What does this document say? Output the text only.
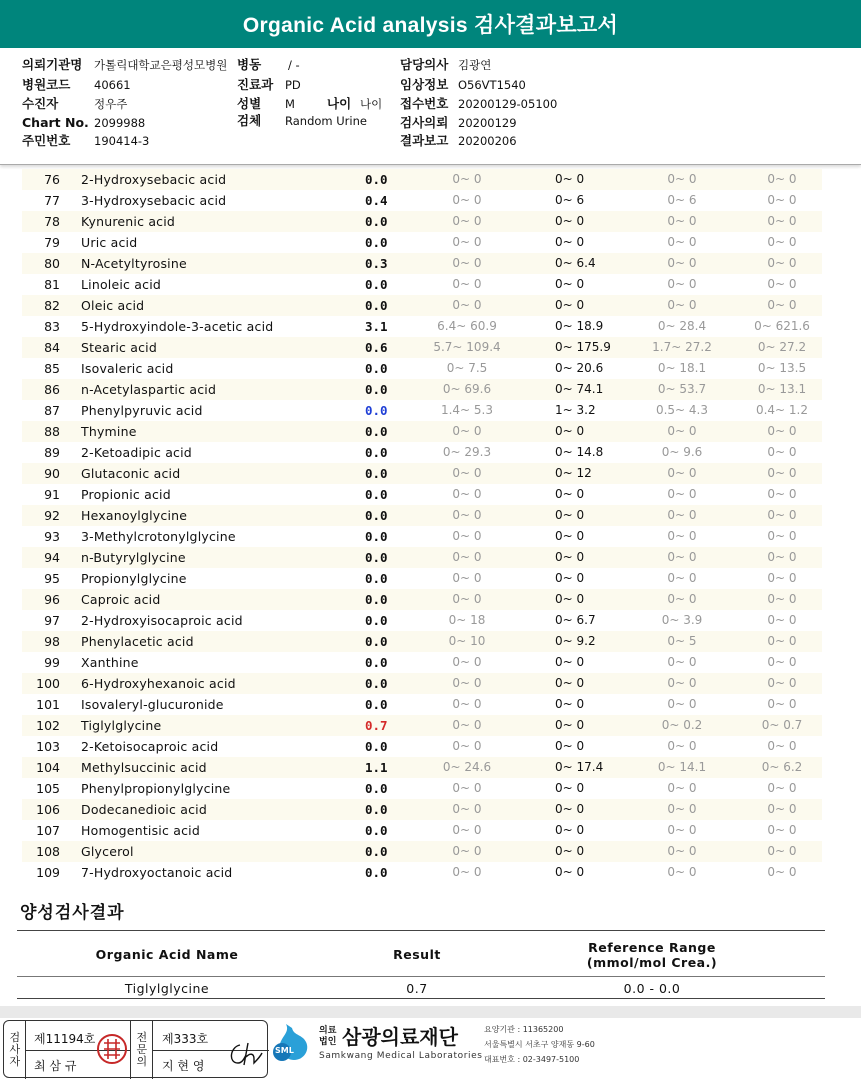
Organic Acid analysis 검사결과보고서
의뢰기관명 가톨릭대학교은평성모병원 병동 / -	담당의사 김광연
병원코드 40661	진료과 PD	임상정보 O56VT1540
수진자	정우주	성별 M	나이 나이 접수번호 20200129-05100
Chart No. 2099988	검체 Random Urine	검사의뢰 20200129
주민번호 190414-3	결과보고 20200206
76 2-Hydroxysebacic acid	0.0	0~ 0	0~ 0	0~ 0	0~ 0
77 3-Hydroxysebacic acid	0.4	0~ 0	0~ 6	0~ 6	0~ 0
78 Kynurenic acid	0.0	0~ 0	0~ 0	0~ 0	0~ 0
79 Uric acid	0.0	0~ 0	0~ 0	0~ 0	0~ 0
80 N-Acetyltyrosine	0.3	0~ 0	0~ 6.4	0~ 0	0~ 0
81 Linoleic acid	0.0	0~ 0	0~ 0	0~ 0	0~ 0
82 Oleic acid	0.0	0~ 0	0~ 0	0~ 0	0~ 0
83 5-Hydroxyindole-3-acetic acid	3.1	6.4~ 60.9	0~ 18.9	0~ 28.4	0~ 621.6
84 Stearic acid	0.6	5.7~ 109.4	0~ 175.9	1.7~ 27.2	0~ 27.2
85 Isovaleric acid	0.0	0~ 7.5	0~ 20.6	0~ 18.1	0~ 13.5
86 n-Acetylaspartic acid	0.0	0~ 69.6	0~ 74.1	0~ 53.7	0~ 13.1
87 Phenylpyruvic acid	0.0	1.4~ 5.3	1~ 3.2	0.5~ 4.3	0.4~ 1.2
88 Thymine	0.0	0~ 0	0~ 0	0~ 0	0~ 0
89 2-Ketoadipic acid	0.0	0~ 29.3	0~ 14.8	0~ 9.6	0~ 0
90 Glutaconic acid	0.0	0~ 0	0~ 12	0~ 0	0~ 0
91 Propionic acid	0.0	0~ 0	0~ 0	0~ 0	0~ 0
92 Hexanoylglycine	0.0	0~ 0	0~ 0	0~ 0	0~ 0
93 3-Methylcrotonylglycine	0.0	0~ 0	0~ 0	0~ 0	0~ 0
94 n-Butyrylglycine	0.0	0~ 0	0~ 0	0~ 0	0~ 0
95 Propionylglycine	0.0	0~ 0	0~ 0	0~ 0	0~ 0
96 Caproic acid	0.0	0~ 0	0~ 0	0~ 0	0~ 0
97 2-Hydroxyisocaproic acid	0.0	0~ 18	0~ 6.7	0~ 3.9	0~ 0
98 Phenylacetic acid	0.0	0~ 10	0~ 9.2	0~ 5	0~ 0
99 Xanthine	0.0	0~ 0	0~ 0	0~ 0	0~ 0
100 6-Hydroxyhexanoic acid	0.0	0~ 0	0~ 0	0~ 0	0~ 0
101 Isovaleryl-glucuronide	0.0	0~ 0	0~ 0	0~ 0	0~ 0
102 Tiglylglycine	0.7	0~ 0	0~ 0	0~ 0.2	0~ 0.7
103 2-Ketoisocaproic acid	0.0	0~ 0	0~ 0	0~ 0	0~ 0
104 Methylsuccinic acid	1.1	0~ 24.6	0~ 17.4	0~ 14.1	0~ 6.2
105 Phenylpropionylglycine	0.0	0~ 0	0~ 0	0~ 0	0~ 0
106 Dodecanedioic acid	0.0	0~ 0	0~ 0	0~ 0	0~ 0
107 Homogentisic acid	0.0	0~ 0	0~ 0	0~ 0	0~ 0
108 Glycerol	0.0	0~ 0	0~ 0	0~ 0	0~ 0
109 7-Hydroxyoctanoic acid	0.0	0~ 0	0~ 0	0~ 0	0~ 0
양성검사결과
Organic Acid Name	Result	Reference Range
(mmol/mol Crea.)
Tiglylglycine	0.7	0.0 - 0.0
검사자
제11194호
최 삼 규
전문의
제333호
지 현 영
SML
의료
법인 삼광의료재단
Samkwang Medical Laboratories
요양기관 : 11365200
서울특별시 서초구 양재동 9-60
대표번호 : 02-3497-5100
